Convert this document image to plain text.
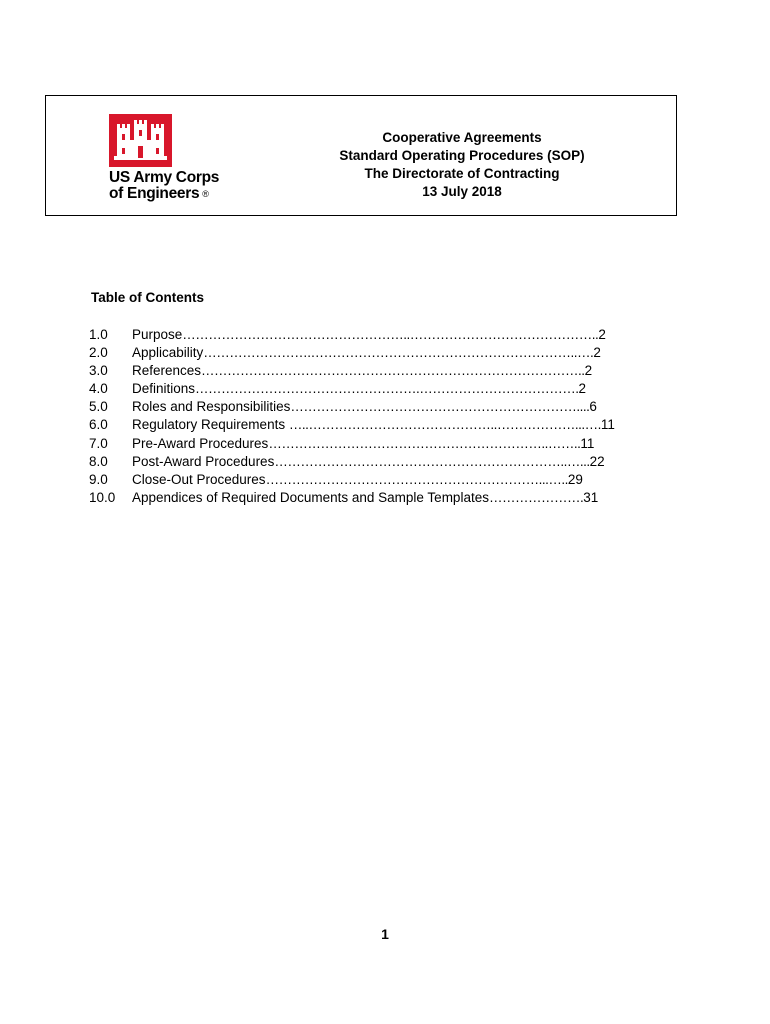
US Army Corps
of Engineers ®
Cooperative Agreements
Standard Operating Procedures (SOP)
The Directorate of Contracting
13 July 2018
Table of Contents
1.0 Purpose ……………………………………………..…………………………………….. 2
2.0 Applicability …………………….……………………………………………………..…. 2
3.0 References …………………………………………………………………………….. 2
4.0 Definitions …………………………………………….………………………………. 2
5.0 Roles and Responsibilities ………………………………………………………….... 6
6.0 Regulatory Requirements …..……………………………………..………………...…. 11
7.0 Pre-Award Procedures ………………………………………………………..…….. 11
8.0 Post-Award Procedures …………………………………………………………..…... 22
9.0 Close-Out Procedures ………………………………………………………...….. 29
10.0 Appendices of Required Documents and Sample Templates …………………. 31
1
